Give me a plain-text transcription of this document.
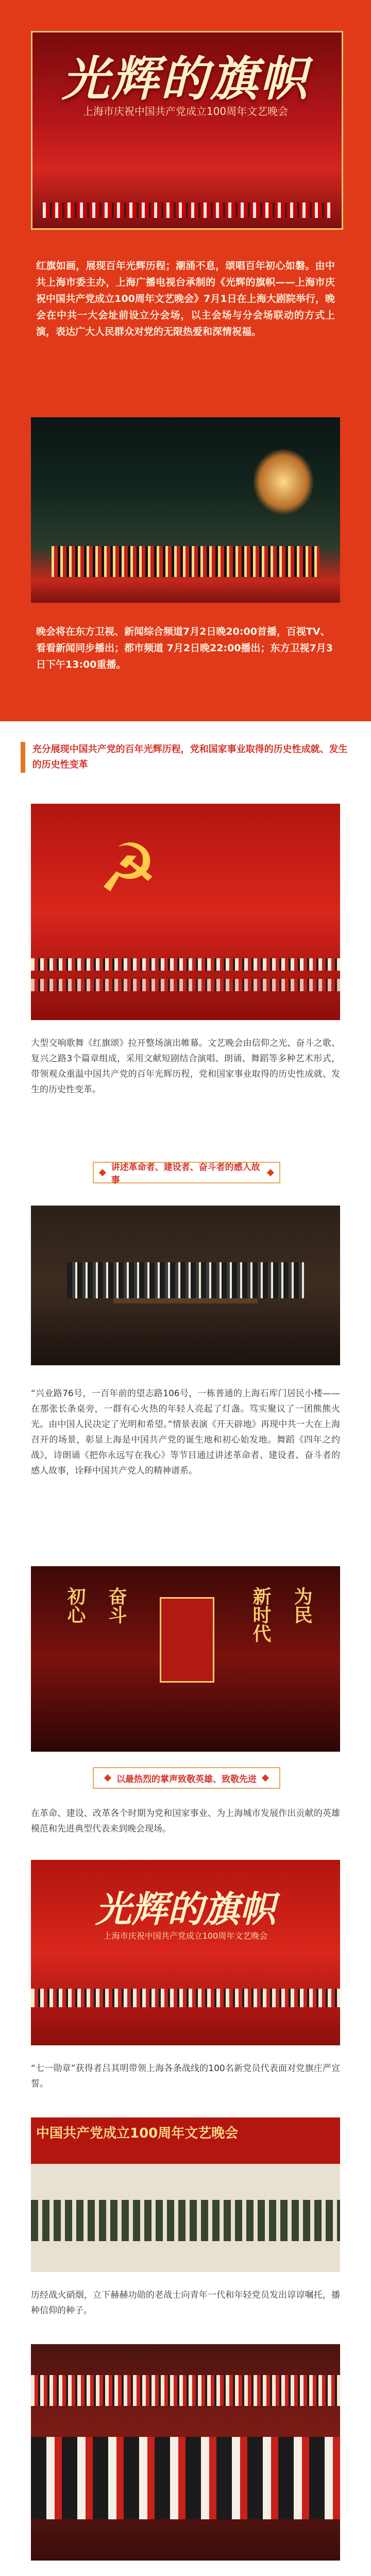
光辉的旗帜
上海市庆祝中国共产党成立100周年文艺晚会
红旗如画，展现百年光辉历程；潮涌不息，颂唱百年初心如磐。由中共上海市委主办，上海广播电视台承制的《光辉的旗帜——上海市庆祝中国共产党成立100周年文艺晚会》7月1日在上海大剧院举行，晚会在中共一大会址前设立分会场，以主会场与分会场联动的方式上演，表达广大人民群众对党的无限热爱和深情祝福。
晚会将在东方卫视、新闻综合频道7月2日晚20:00首播，百视TV、看看新闻同步播出；都市频道 7月2日晚22:00播出；东方卫视7月3日下午13:00重播。
充分展现中国共产党的百年光辉历程，党和国家事业取得的历史性成就、发生的历史性变革
☭
大型交响歌舞《红旗颂》拉开整场演出帷幕。文艺晚会由信仰之光、奋斗之歌、复兴之路3个篇章组成，采用文献短剧结合演唱、朗诵、舞蹈等多种艺术形式，带领观众重温中国共产党的百年光辉历程，党和国家事业取得的历史性成就、发生的历史性变革。
讲述革命者、建设者、奋斗者的感人故事
“兴业路76号，一百年前的望志路106号，一栋普通的上海石库门居民小楼——在那张长条桌旁，一群有心火热的年轻人亮起了灯盏。笃实聚议了一团熊熊火光。由中国人民决定了光明和希望。”情景表演《开天辟地》再现中共一大在上海召开的场景，彰显上海是中国共产党的诞生地和初心始发地。舞蹈《四年之约战》，诗朗诵《把你永远写在我心》等节目通过讲述革命者、建设者、奋斗者的感人故事，诠释中国共产党人的精神谱系。
初心 奋斗	新时代 为民
以最热烈的掌声致敬英雄、致敬先进
在革命、建设、改革各个时期为党和国家事业、为上海城市发展作出贡献的英雄模范和先进典型代表来到晚会现场。
光辉的旗帜
上海市庆祝中国共产党成立100周年文艺晚会
“七一勋章”获得者吕其明带领上海各条战线的100名新党员代表面对党旗庄严宣誓。
中国共产党成立100周年文艺晚会
历经战火硝烟，立下赫赫功勋的老战士向青年一代和年轻党员发出谆谆嘱托，播种信仰的种子。
